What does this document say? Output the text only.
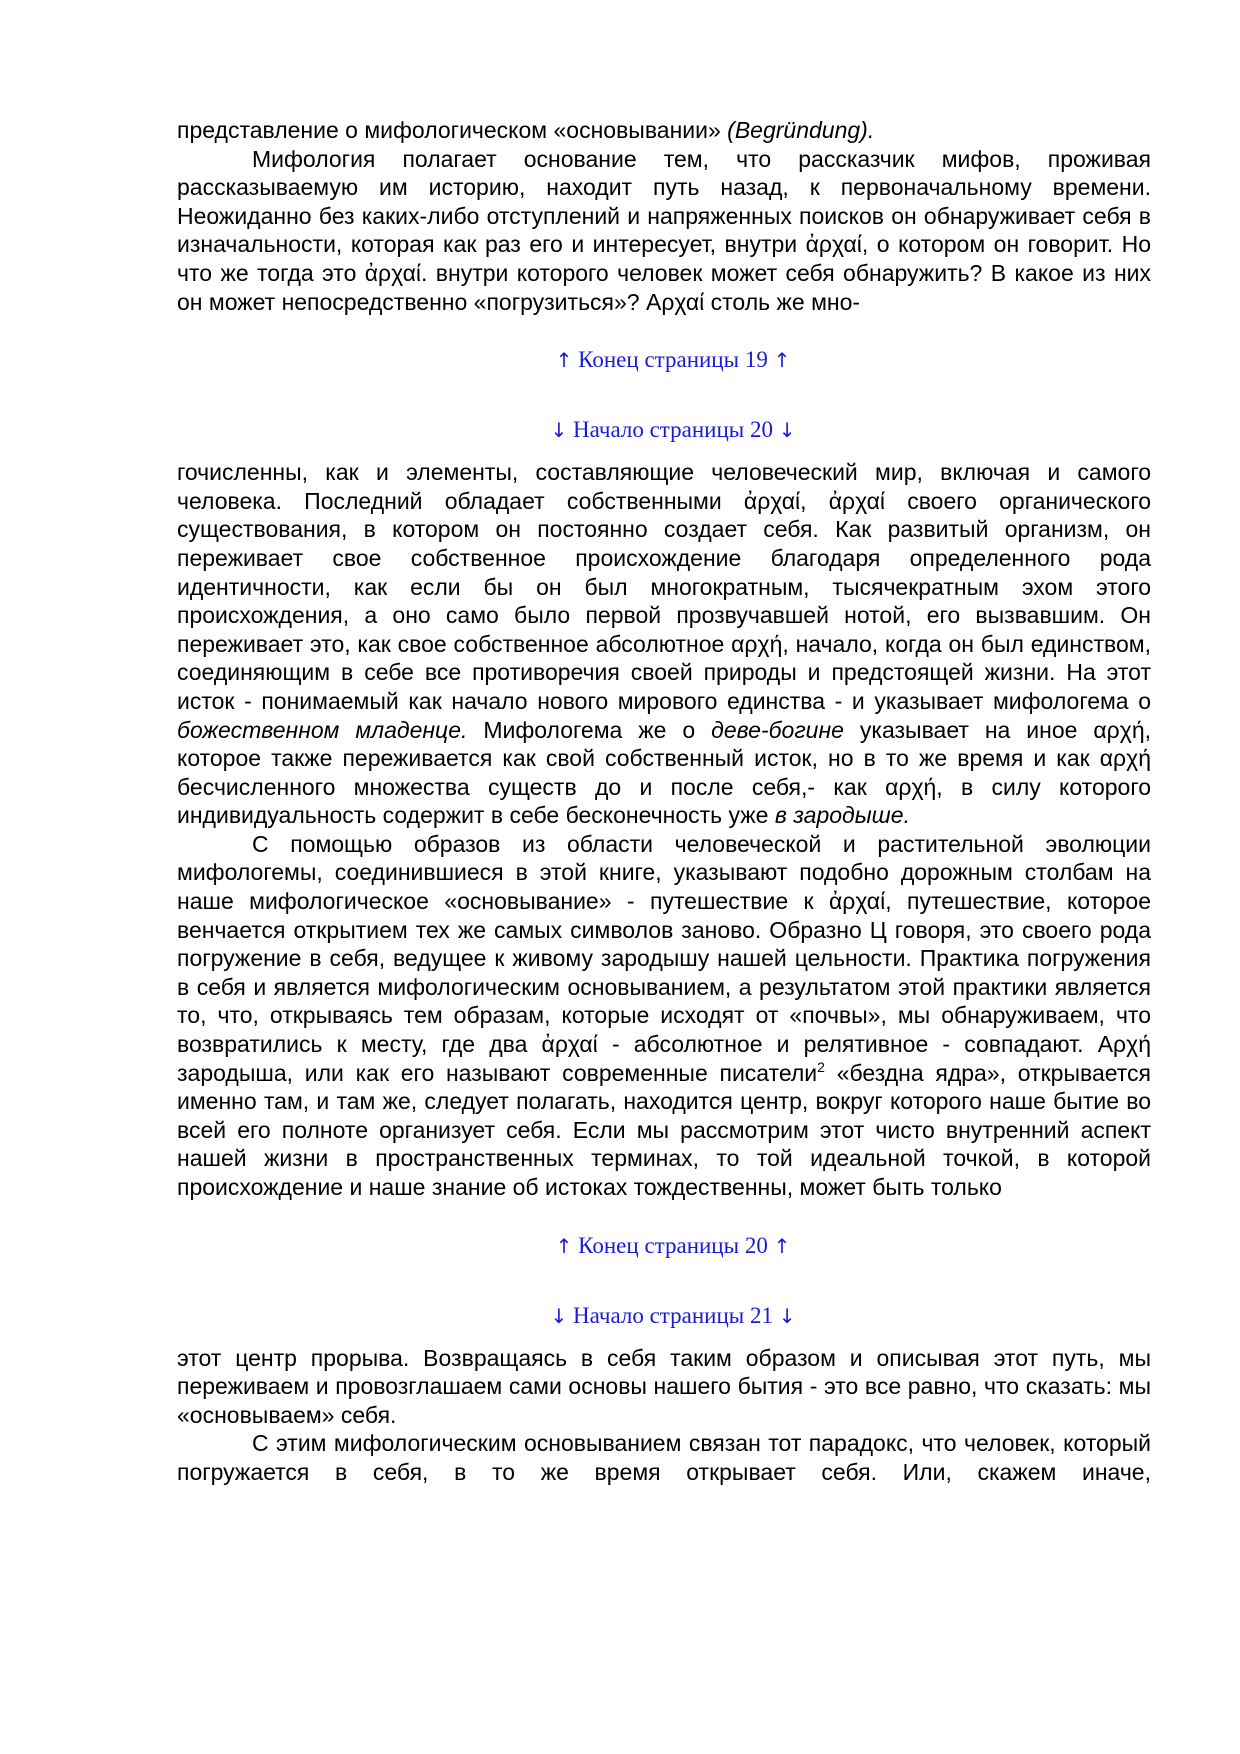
представление о мифологическом «основывании» (Begründung).

Мифология полагает основание тем, что рассказчик мифов, проживая рассказываемую им историю, находит путь назад, к первоначальному времени. Неожиданно без каких-либо отступлений и напряженных поисков он обнаруживает себя в изначальности, которая как раз его и интересует, внутри ἀρχαί, о котором он говорит. Но что же тогда это ἀρχαί. внутри которого человек может себя обнаружить? В какое из них он может непосредственно «погрузиться»? Αρχαί столь же мно-

↑ Конец страницы 19 ↑
↓ Начало страницы 20 ↓

гочисленны, как и элементы, составляющие человеческий мир, включая и самого человека. Последний обладает собственными ἀρχαί, ἀρχαί своего органического существования, в котором он постоянно создает себя. Как развитый организм, он переживает свое собственное происхождение благодаря определенного рода идентичности, как если бы он был многократным, тысячекратным эхом этого происхождения, а оно само было первой прозвучавшей нотой, его вызвавшим. Он переживает это, как свое собственное абсолютное αρχή, начало, когда он был единством, соединяющим в себе все противоречия своей природы и предстоящей жизни. На этот исток - понимаемый как начало нового мирового единства - и указывает мифологема о божественном младенце. Мифологема же о деве-богине указывает на иное αρχή, которое также переживается как свой собственный исток, но в то же время и как αρχή бесчисленного множества существ до и после себя,- как αρχή, в силу которого индивидуальность содержит в себе бесконечность уже в зародыше.

С помощью образов из области человеческой и растительной эволюции мифологемы, соединившиеся в этой книге, указывают подобно дорожным столбам на наше мифологическое «основывание» - путешествие к ἀρχαί, путешествие, которое венчается открытием тех же самых символов заново. Образно Ц говоря, это своего рода погружение в себя, ведущее к живому зародышу нашей цельности. Практика погружения в себя и является мифологическим основыванием, а результатом этой практики является то, что, открываясь тем образам, которые исходят от «почвы», мы обнаруживаем, что возвратились к месту, где два ἀρχαί - абсолютное и релятивное - совпадают. Αρχή зародыша, или как его называют современные писатели$^2$ «бездна ядра», открывается именно там, и там же, следует полагать, находится центр, вокруг которого наше бытие во всей его полноте организует себя. Если мы рассмотрим этот чисто внутренний аспект нашей жизни в пространственных терминах, то той идеальной точкой, в которой происхождение и наше знание об истоках тождественны, может быть только

↑ Конец страницы 20 ↑
↓ Начало страницы 21 ↓

этот центр прорыва. Возвращаясь в себя таким образом и описывая этот путь, мы переживаем и провозглашаем сами основы нашего бытия - это все равно, что сказать: мы «основываем» себя.

С этим мифологическим основыванием связан тот парадокс, что человек, который погружается в себя, в то же время открывает себя. Или, скажем иначе,
